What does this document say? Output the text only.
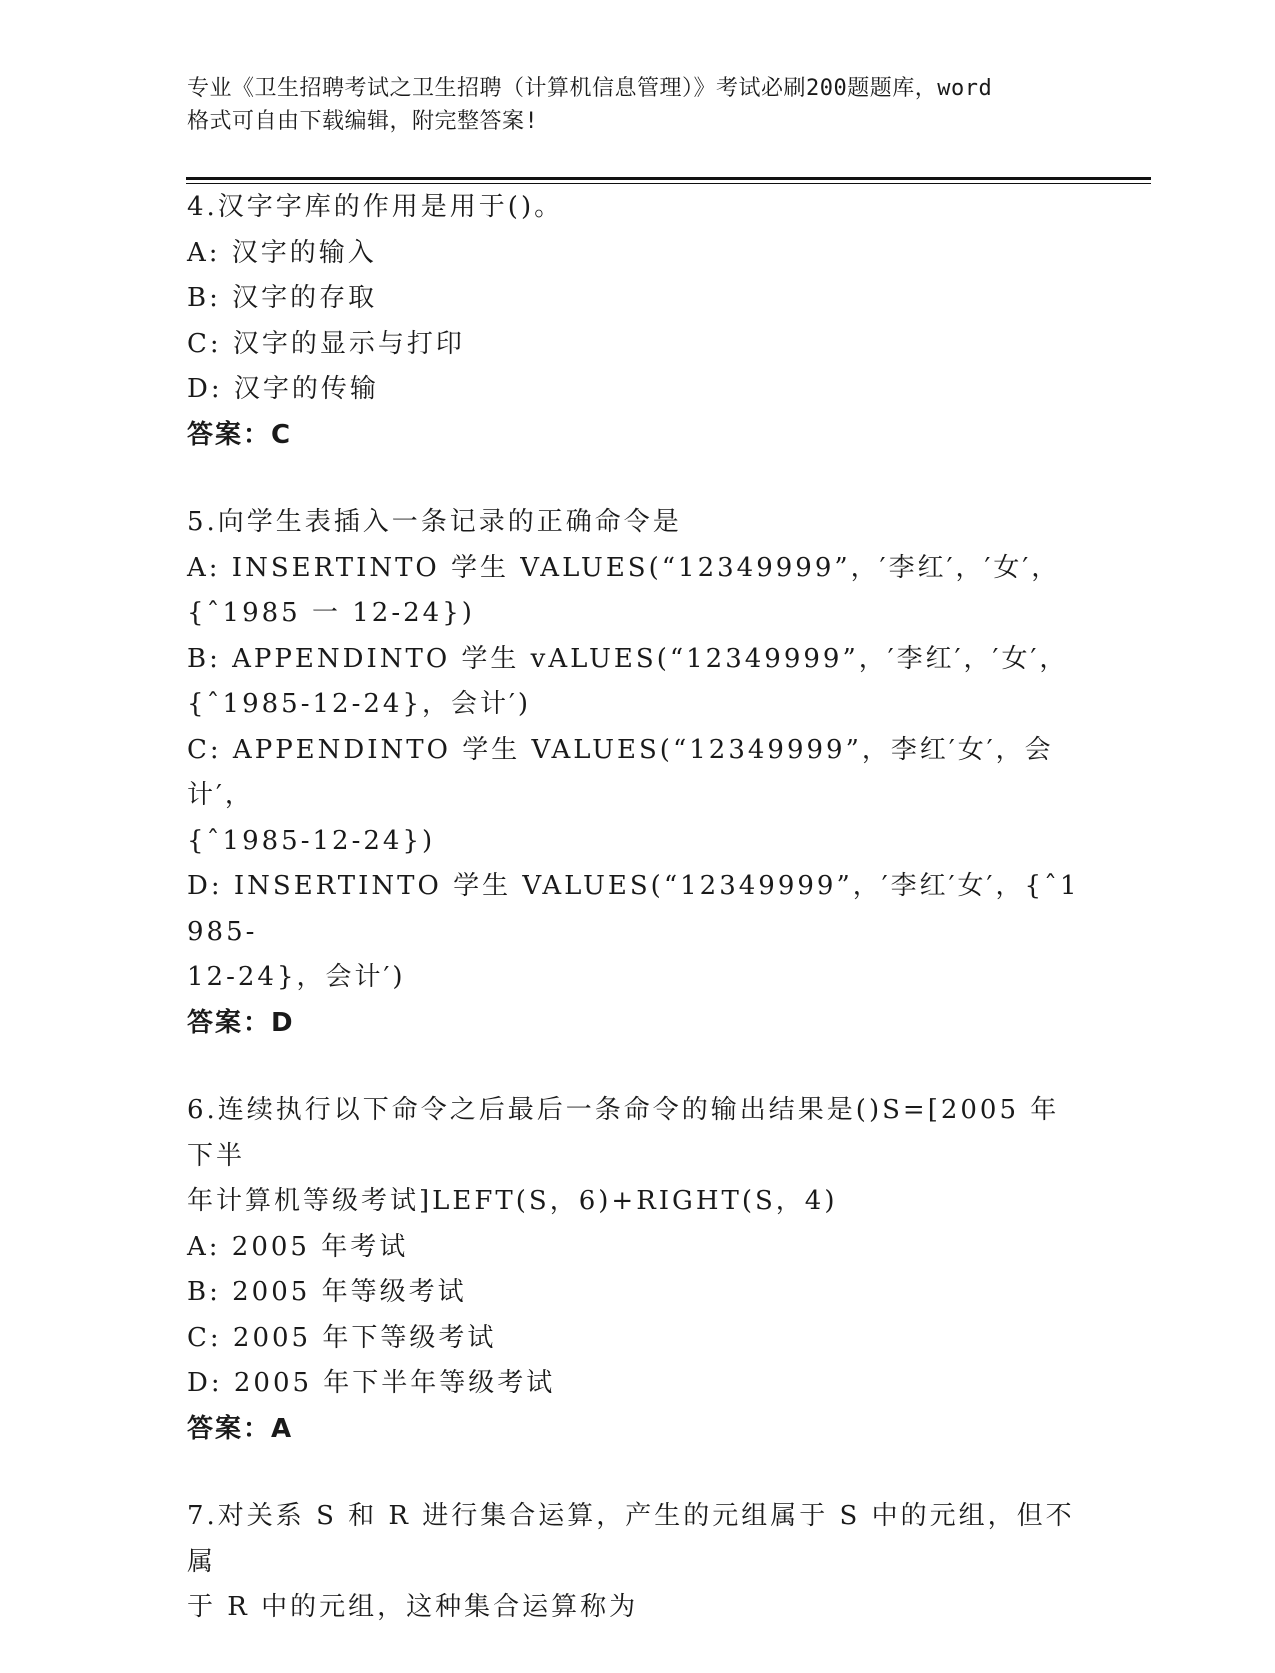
专业《卫生招聘考试之卫生招聘（计算机信息管理）》考试必刷200题题库，word
格式可自由下载编辑，附完整答案!
4.汉字字库的作用是用于()。
A: 汉字的输入
B: 汉字的存取
C: 汉字的显示与打印
D: 汉字的传输
答案：C
5.向学生表插入一条记录的正确命令是
A: INSERTINTO 学生 VALUES(“12349999”，′李红′，′女′，
{ˆ1985 一 12-24})
B: APPENDINTO 学生 vALUES(“12349999”，′李红′，′女′，
{ˆ1985-12-24}，会计′)
C: APPENDINTO 学生 VALUES(“12349999”，李红′女′，会计′，
{ˆ1985-12-24})
D: INSERTINTO 学生 VALUES(“12349999”，′李红′女′，{ˆ1985-
12-24}，会计′)
答案：D
6.连续执行以下命令之后最后一条命令的输出结果是()S=[2005 年下半
年计算机等级考试]LEFT(S，6)+RIGHT(S，4)
A: 2005 年考试
B: 2005 年等级考试
C: 2005 年下等级考试
D: 2005 年下半年等级考试
答案：A
7.对关系 S 和 R 进行集合运算，产生的元组属于 S 中的元组，但不属
于 R 中的元组，这种集合运算称为
